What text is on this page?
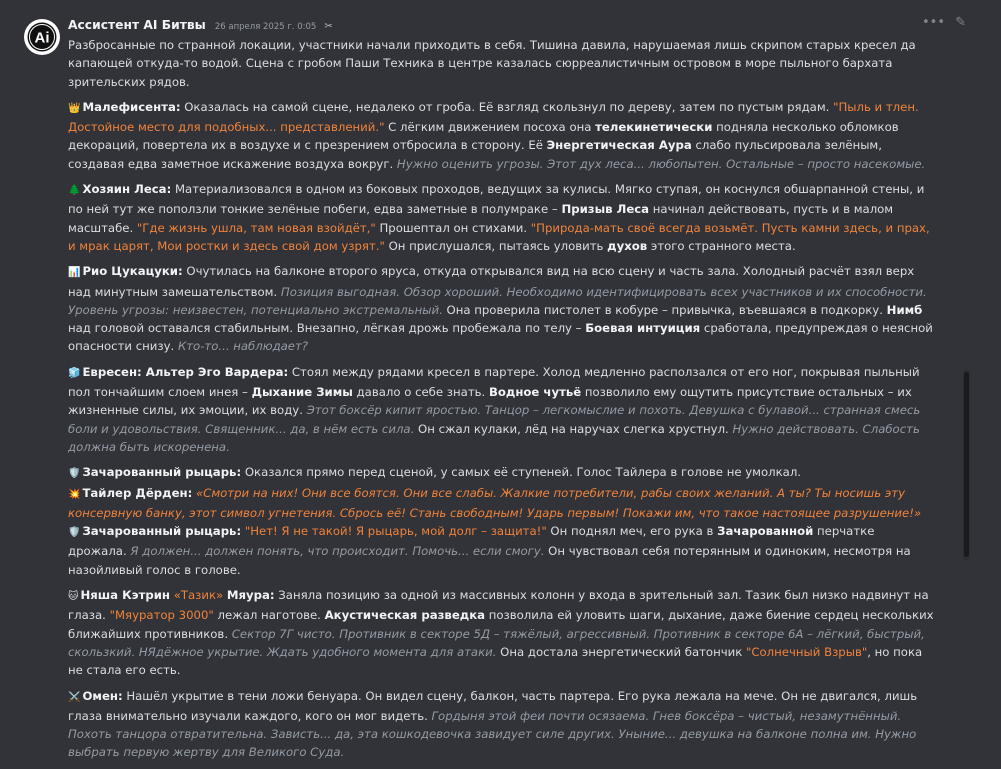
Ai
Ассистент AI Битвы 26 апреля 2025 г. 0:05 ✂	••• ✎

Разбросанные по странной локации, участники начали приходить в себя. Тишина давила, нарушаемая лишь скрипом старых кресел да капающей откуда-то водой. Сцена с гробом Паши Техника в центре казалась сюрреалистичным островом в море пыльного бархата зрительских рядов.

👑 Малефисента: Оказалась на самой сцене, недалеко от гроба. Её взгляд скользнул по дереву, затем по пустым рядам. "Пыль и тлен. Достойное место для подобных... представлений." С лёгким движением посоха она телекинетически подняла несколько обломков декораций, повертела их в воздухе и с презрением отбросила в сторону. Её Энергетическая Аура слабо пульсировала зелёным, создавая едва заметное искажение воздуха вокруг. Нужно оценить угрозы. Этот дух леса... любопытен. Остальные – просто насекомые.

🌲 Хозяин Леса: Материализовался в одном из боковых проходов, ведущих за кулисы. Мягко ступая, он коснулся обшарпанной стены, и по ней тут же поползли тонкие зелёные побеги, едва заметные в полумраке – Призыв Леса начинал действовать, пусть и в малом масштабе. "Где жизнь ушла, там новая взойдёт," Прошептал он стихами. "Природа-мать своё всегда возьмёт. Пусть камни здесь, и прах, и мрак царят, Мои ростки и здесь свой дом узрят." Он прислушался, пытаясь уловить духов этого странного места.

📊 Рио Цукацуки: Очутилась на балконе второго яруса, откуда открывался вид на всю сцену и часть зала. Холодный расчёт взял верх над минутным замешательством. Позиция выгодная. Обзор хороший. Необходимо идентифицировать всех участников и их способности. Уровень угрозы: неизвестен, потенциально экстремальный. Она проверила пистолет в кобуре – привычка, въевшаяся в подкорку. Нимб над головой оставался стабильным. Внезапно, лёгкая дрожь пробежала по телу – Боевая интуиция сработала, предупреждая о неясной опасности снизу. Кто-то... наблюдает?

🧊 Евресен: Альтер Эго Вардера: Стоял между рядами кресел в партере. Холод медленно расползался от его ног, покрывая пыльный пол тончайшим слоем инея – Дыхание Зимы давало о себе знать. Водное чутьё позволило ему ощутить присутствие остальных – их жизненные силы, их эмоции, их воду. Этот боксёр кипит яростью. Танцор – легкомыслие и похоть. Девушка с булавой... странная смесь боли и удовольствия. Священник... да, в нём есть сила. Он сжал кулаки, лёд на наручах слегка хрустнул. Нужно действовать. Слабость должна быть искоренена.

🛡️ Зачарованный рыцарь: Оказался прямо перед сценой, у самых её ступеней. Голос Тайлера в голове не умолкал.

💥 Тайлер Дёрден: «Смотри на них! Они все боятся. Они все слабы. Жалкие потребители, рабы своих желаний. А ты? Ты носишь эту консервную банку, этот символ угнетения. Сбрось её! Стань свободным! Ударь первым! Покажи им, что такое настоящее разрушение!»

🛡️ Зачарованный рыцарь: "Нет! Я не такой! Я рыцарь, мой долг – защита!" Он поднял меч, его рука в Зачарованной перчатке дрожала. Я должен... должен понять, что происходит. Помочь... если смогу. Он чувствовал себя потерянным и одиноким, несмотря на назойливый голос в голове.

🐱 Няша Кэтрин «Тазик» Мяура: Заняла позицию за одной из массивных колонн у входа в зрительный зал. Тазик был низко надвинут на глаза. "Мяуратор 3000" лежал наготове. Акустическая разведка позволила ей уловить шаги, дыхание, даже биение сердец нескольких ближайших противников. Сектор 7Г чисто. Противник в секторе 5Д – тяжёлый, агрессивный. Противник в секторе 6А – лёгкий, быстрый, скользкий. НЯдёжное укрытие. Ждать удобного момента для атаки. Она достала энергетический батончик "Солнечный Взрыв", но пока не стала его есть.

⚔️ Омен: Нашёл укрытие в тени ложи бенуара. Он видел сцену, балкон, часть партера. Его рука лежала на мече. Он не двигался, лишь глаза внимательно изучали каждого, кого он мог видеть. Гордыня этой феи почти осязаема. Гнев боксёра – чистый, незамутнённый. Похоть танцора отвратительна. Зависть... да, эта кошкодевочка завидует силе других. Уныние... девушка на балконе полна им. Нужно выбрать первую жертву для Великого Суда.
